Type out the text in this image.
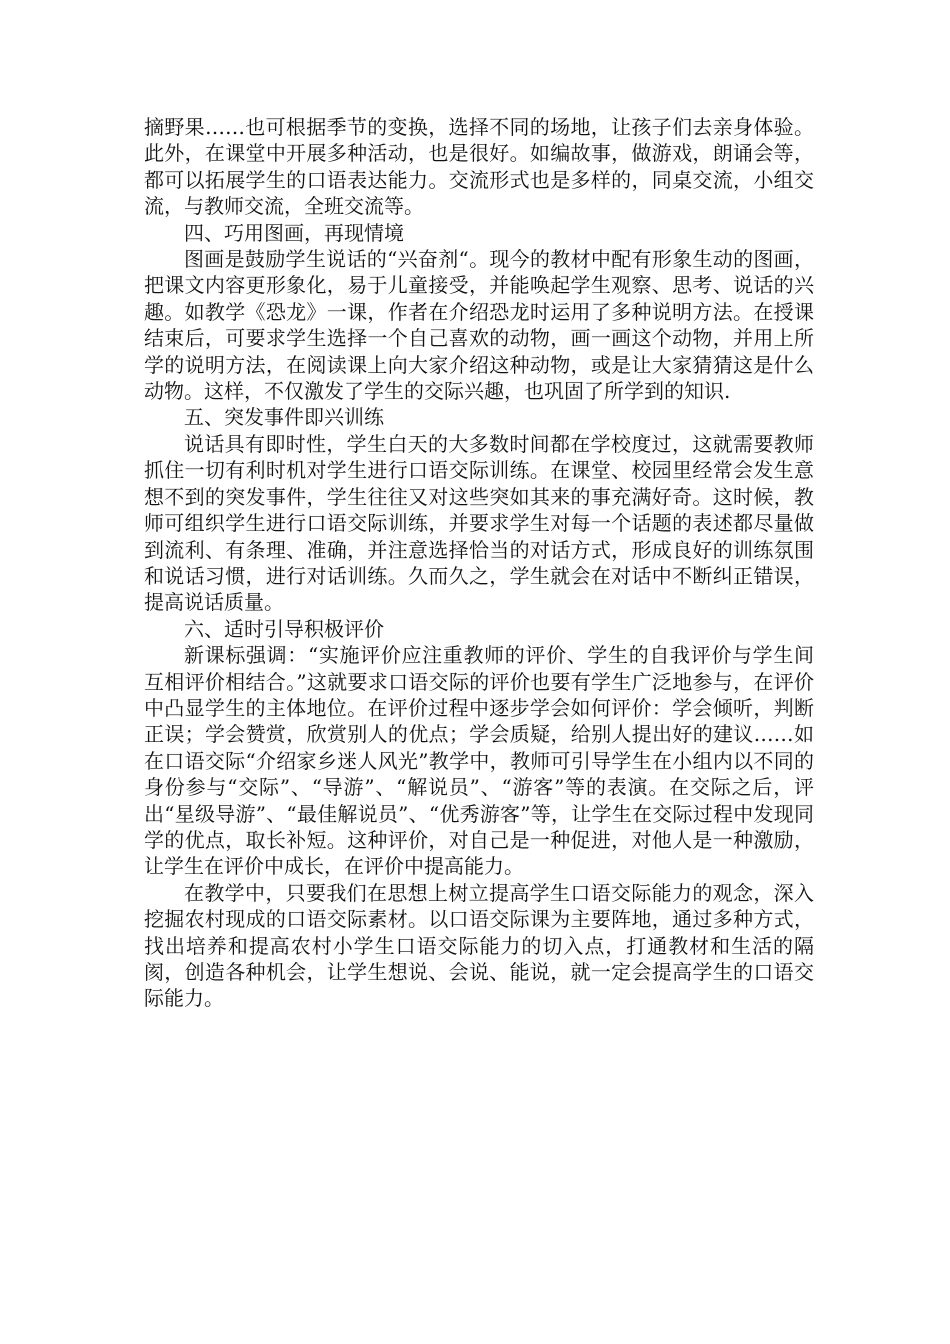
摘野果……也可根据季节的变换，选择不同的场地，让孩子们去亲身体验。此外，在课堂中开展多种活动，也是很好。如编故事，做游戏，朗诵会等，都可以拓展学生的口语表达能力。交流形式也是多样的，同桌交流，小组交流，与教师交流，全班交流等。

四、巧用图画，再现情境

图画是鼓励学生说话的“兴奋剂“。现今的教材中配有形象生动的图画，把课文内容更形象化，易于儿童接受，并能唤起学生观察、思考、说话的兴趣。如教学《恐龙》一课，作者在介绍恐龙时运用了多种说明方法。在授课结束后，可要求学生选择一个自己喜欢的动物，画一画这个动物，并用上所学的说明方法，在阅读课上向大家介绍这种动物，或是让大家猜猜这是什么动物。这样，不仅激发了学生的交际兴趣，也巩固了所学到的知识.

五、突发事件即兴训练

说话具有即时性，学生白天的大多数时间都在学校度过，这就需要教师抓住一切有利时机对学生进行口语交际训练。在课堂、校园里经常会发生意想不到的突发事件，学生往往又对这些突如其来的事充满好奇。这时候，教师可组织学生进行口语交际训练，并要求学生对每一个话题的表述都尽量做到流利、有条理、准确，并注意选择恰当的对话方式，形成良好的训练氛围和说话习惯，进行对话训练。久而久之，学生就会在对话中不断纠正错误，提高说话质量。

六、适时引导积极评价

新课标强调：“实施评价应注重教师的评价、学生的自我评价与学生间互相评价相结合。”这就要求口语交际的评价也要有学生广泛地参与，在评价中凸显学生的主体地位。在评价过程中逐步学会如何评价：学会倾听，判断正误；学会赞赏，欣赏别人的优点；学会质疑，给别人提出好的建议……如在口语交际“介绍家乡迷人风光”教学中，教师可引导学生在小组内以不同的身份参与“交际”、“导游”、“解说员”、“游客”等的表演。在交际之后，评出“星级导游”、“最佳解说员”、“优秀游客”等，让学生在交际过程中发现同学的优点，取长补短。这种评价，对自己是一种促进，对他人是一种激励，让学生在评价中成长，在评价中提高能力。

在教学中，只要我们在思想上树立提高学生口语交际能力的观念，深入挖掘农村现成的口语交际素材。以口语交际课为主要阵地，通过多种方式，找出培养和提高农村小学生口语交际能力的切入点，打通教材和生活的隔阂，创造各种机会，让学生想说、会说、能说，就一定会提高学生的口语交际能力。
